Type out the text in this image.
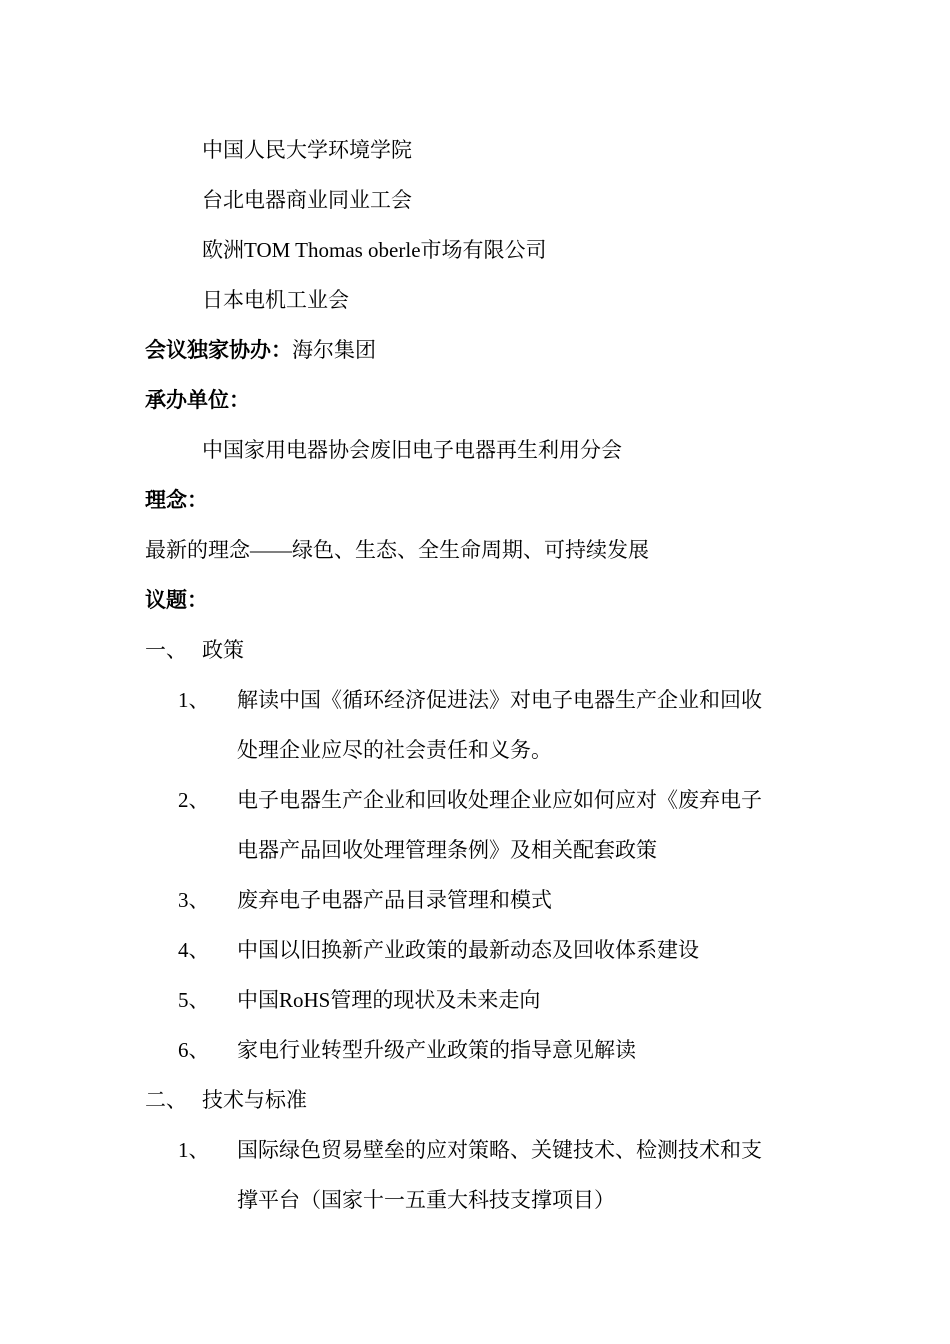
中国人民大学环境学院
台北电器商业同业工会
欧洲TOM Thomas oberle市场有限公司
日本电机工业会
会议独家协办：海尔集团
承办单位：
中国家用电器协会废旧电子电器再生利用分会
理念：
最新的理念——绿色、生态、全生命周期、可持续发展
议题：
一、 政策
1、 解读中国《循环经济促进法》对电子电器生产企业和回收
处理企业应尽的社会责任和义务。
2、 电子电器生产企业和回收处理企业应如何应对《废弃电子
电器产品回收处理管理条例》及相关配套政策
3、 废弃电子电器产品目录管理和模式
4、 中国以旧换新产业政策的最新动态及回收体系建设
5、 中国RoHS管理的现状及未来走向
6、 家电行业转型升级产业政策的指导意见解读
二、 技术与标准
1、 国际绿色贸易壁垒的应对策略、关键技术、检测技术和支
撑平台（国家十一五重大科技支撑项目）
